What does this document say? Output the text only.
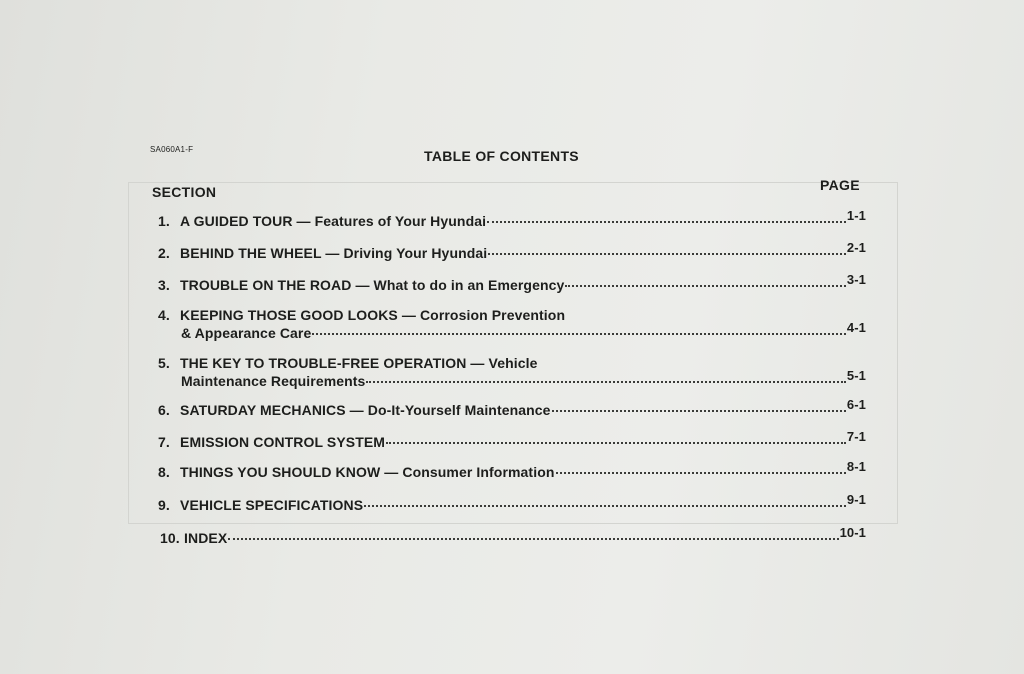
SA060A1-F	TABLE OF CONTENTS
SECTION	PAGE
1. A GUIDED TOUR —
Features of Your Hyundai	1-1
2. BEHIND THE WHEEL —
Driving Your Hyundai	2-1
3. TROUBLE ON THE ROAD —
What to do in an Emergency	3-1
4. KEEPING THOSE GOOD LOOKS —
Corrosion Prevention
& Appearance Care	4-1
5. THE KEY TO TROUBLE-FREE OPERATION —
Vehicle
Maintenance Requirements	5-1
6. SATURDAY MECHANICS —
Do-It-Yourself Maintenance	6-1
7. EMISSION CONTROL SYSTEM	7-1
8. THINGS YOU SHOULD KNOW —
Consumer Information	8-1
9. VEHICLE SPECIFICATIONS	9-1
10. INDEX	10-1
